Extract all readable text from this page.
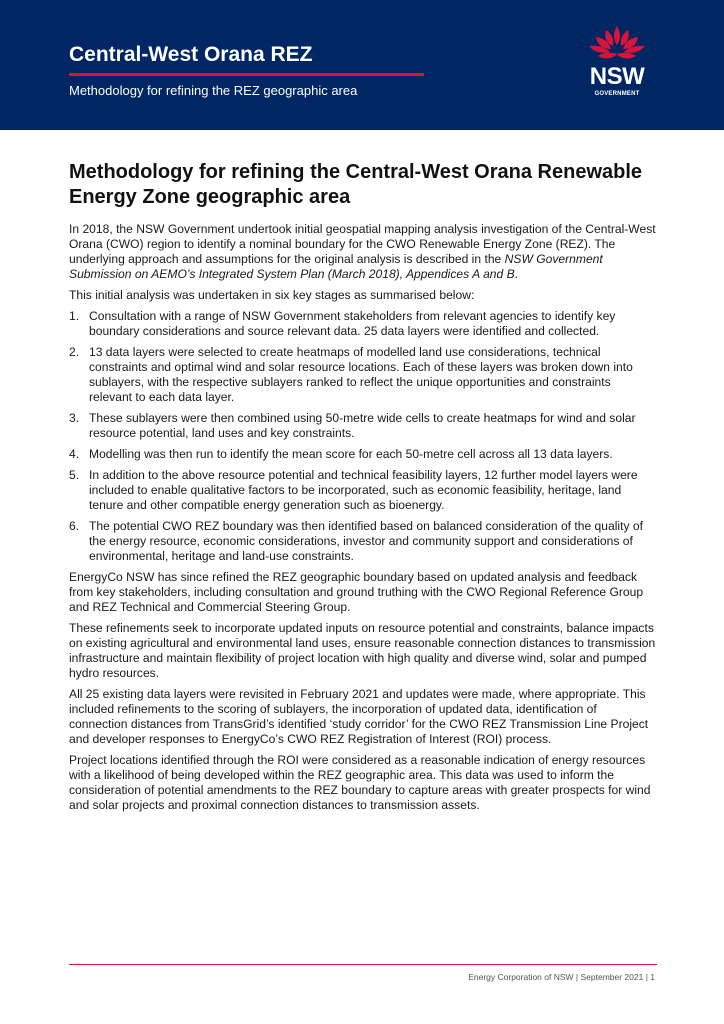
Central-West Orana REZ
Methodology for refining the REZ geographic area
NSW
GOVERNMENT
Methodology for refining the Central-West Orana Renewable Energy Zone geographic area

In 2018, the NSW Government undertook initial geospatial mapping analysis investigation of the Central-West Orana (CWO) region to identify a nominal boundary for the CWO Renewable Energy Zone (REZ). The underlying approach and assumptions for the original analysis is described in the NSW Government Submission on AEMO’s Integrated System Plan (March 2018), Appendices A and B.

This initial analysis was undertaken in six key stages as summarised below:

1. Consultation with a range of NSW Government stakeholders from relevant agencies to identify key boundary considerations and source relevant data. 25 data layers were identified and collected.
2. 13 data layers were selected to create heatmaps of modelled land use considerations, technical constraints and optimal wind and solar resource locations. Each of these layers was broken down into sublayers, with the respective sublayers ranked to reflect the unique opportunities and constraints relevant to each data layer.
3. These sublayers were then combined using 50-metre wide cells to create heatmaps for wind and solar resource potential, land uses and key constraints.
4. Modelling was then run to identify the mean score for each 50-metre cell across all 13 data layers.
5. In addition to the above resource potential and technical feasibility layers, 12 further model layers were included to enable qualitative factors to be incorporated, such as economic feasibility, heritage, land tenure and other compatible energy generation such as bioenergy.
6. The potential CWO REZ boundary was then identified based on balanced consideration of the quality of the energy resource, economic considerations, investor and community support and considerations of environmental, heritage and land-use constraints.

EnergyCo NSW has since refined the REZ geographic boundary based on updated analysis and feedback from key stakeholders, including consultation and ground truthing with the CWO Regional Reference Group and REZ Technical and Commercial Steering Group.

These refinements seek to incorporate updated inputs on resource potential and constraints, balance impacts on existing agricultural and environmental land uses, ensure reasonable connection distances to transmission infrastructure and maintain flexibility of project location with high quality and diverse wind, solar and pumped hydro resources.

All 25 existing data layers were revisited in February 2021 and updates were made, where appropriate. This included refinements to the scoring of sublayers, the incorporation of updated data, identification of connection distances from TransGrid’s identified ‘study corridor’ for the CWO REZ Transmission Line Project and developer responses to EnergyCo’s CWO REZ Registration of Interest (ROI) process.

Project locations identified through the ROI were considered as a reasonable indication of energy resources with a likelihood of being developed within the REZ geographic area. This data was used to inform the consideration of potential amendments to the REZ boundary to capture areas with greater prospects for wind and solar projects and proximal connection distances to transmission assets.

Energy Corporation of NSW | September 2021 | 1
